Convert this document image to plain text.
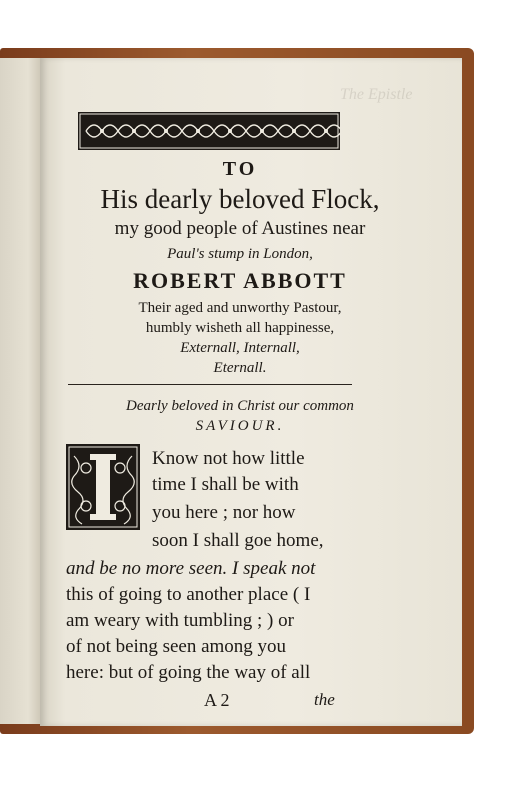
The Epistle
TO
His dearly beloved Flock,
my good people of Austines near
Paul's stump in London,
ROBERT ABBOTT
Their aged and unworthy Pastour,
humbly wisheth all happinesse,
Externall, Internall,
Eternall.
Dearly beloved in Christ our common
SAVIOUR.
Know not how little
time I shall be with
you here ; nor how
soon I shall goe home,
and be no more seen. I speak not
this of going to another place ( I
am weary with tumbling ; ) or
of not being seen among you
here: but of going the way of all
A 2	the
